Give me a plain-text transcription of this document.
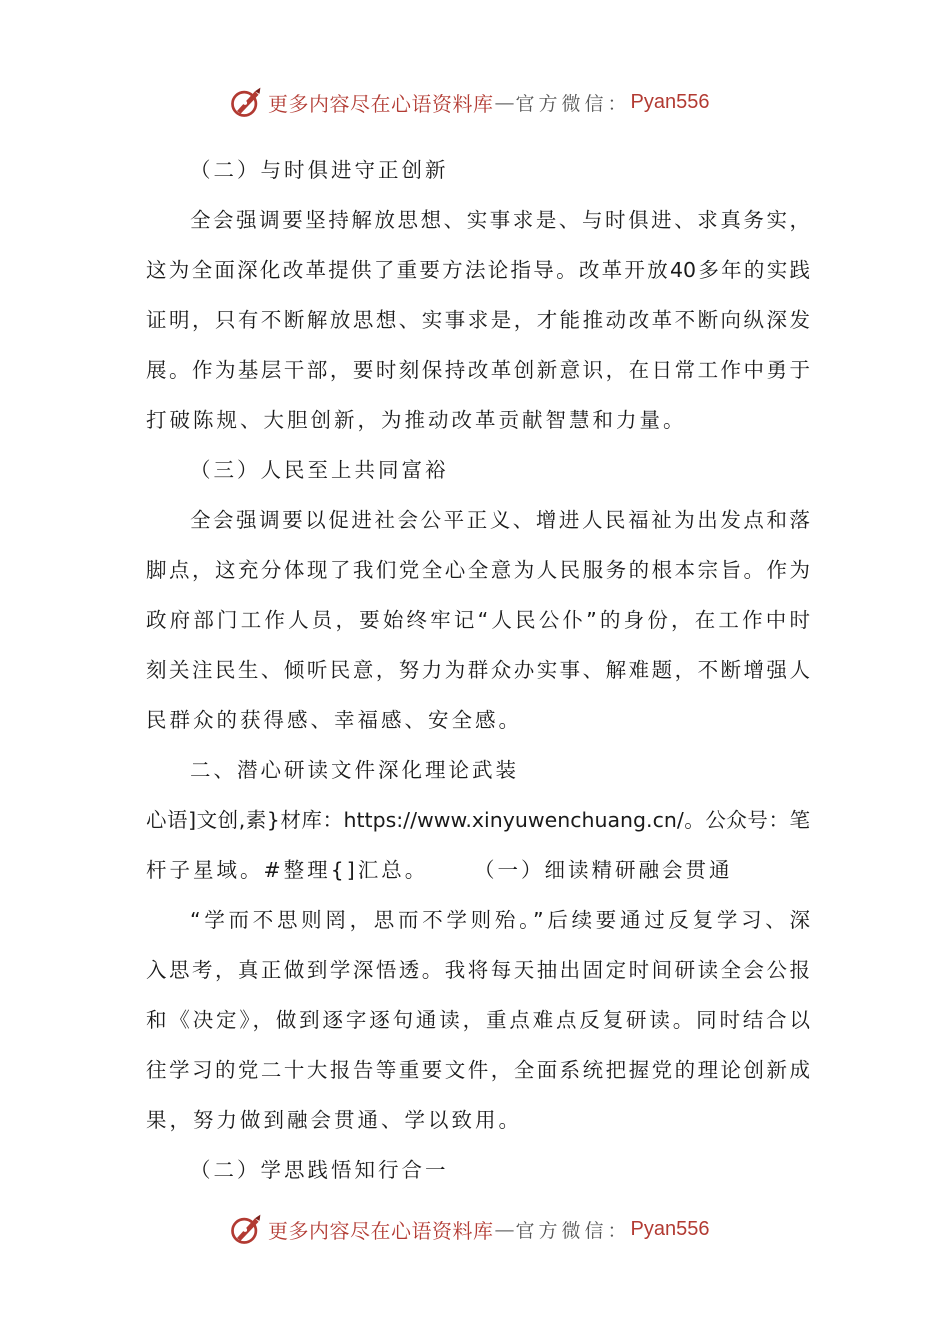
更多内容尽在心语资料库 — 官方微信： Pyan556
（二）与时俱进守正创新
全会强调要坚持解放思想、实事求是、与时俱进、求真务实，
这为全面深化改革提供了重要方法论指导。改革开放40多年的实践
证明，只有不断解放思想、实事求是，才能推动改革不断向纵深发
展。作为基层干部，要时刻保持改革创新意识，在日常工作中勇于
打破陈规、大胆创新，为推动改革贡献智慧和力量。
（三）人民至上共同富裕
全会强调要以促进社会公平正义、增进人民福祉为出发点和落
脚点，这充分体现了我们党全心全意为人民服务的根本宗旨。作为
政府部门工作人员，要始终牢记“人民公仆”的身份，在工作中时
刻关注民生、倾听民意，努力为群众办实事、解难题，不断增强人
民群众的获得感、幸福感、安全感。
二、潜心研读文件深化理论武装
心语]文创,素}材库：https://www.xinyuwenchuang.cn/。公众号：笔
杆子星域。#整理{]汇总。	（一）细读精研融会贯通
“学而不思则罔，思而不学则殆。”后续要通过反复学习、深
入思考，真正做到学深悟透。我将每天抽出固定时间研读全会公报
和《决定》，做到逐字逐句通读，重点难点反复研读。同时结合以
往学习的党二十大报告等重要文件，全面系统把握党的理论创新成
果，努力做到融会贯通、学以致用。
（二）学思践悟知行合一
更多内容尽在心语资料库 — 官方微信： Pyan556
